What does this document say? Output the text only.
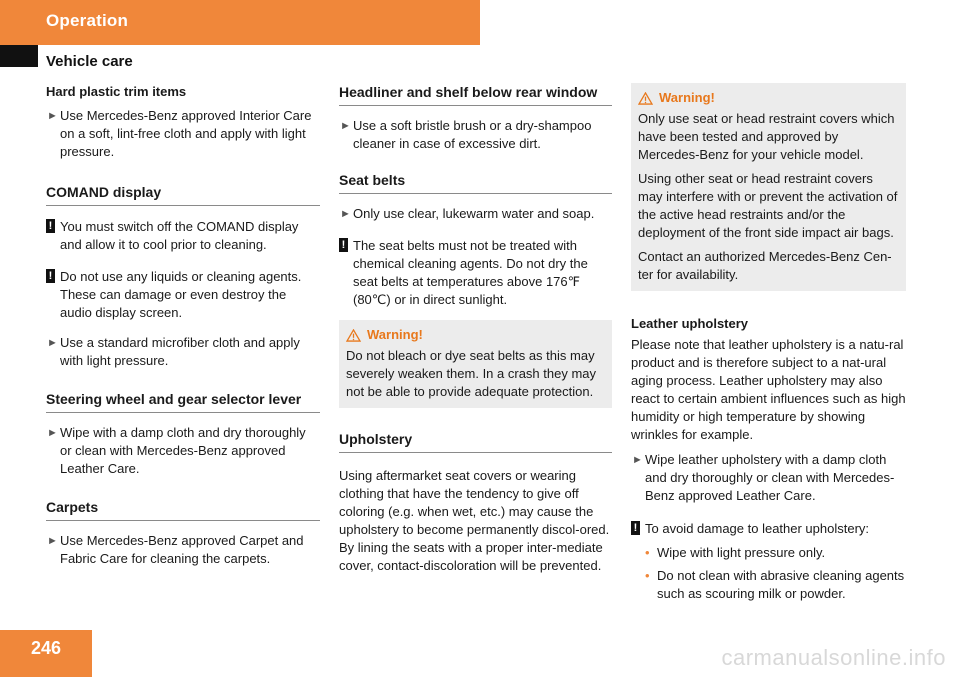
Operation
Vehicle care
Hard plastic trim items
► Use Mercedes-Benz approved Interior Care on a soft, lint-free cloth and apply with light pressure.
COMAND display
! You must switch off the COMAND display and allow it to cool prior to cleaning.
! Do not use any liquids or cleaning agents. These can damage or even destroy the audio display screen.
► Use a standard microfiber cloth and apply with light pressure.
Steering wheel and gear selector lever
► Wipe with a damp cloth and dry thoroughly or clean with Mercedes-Benz approved Leather Care.
Carpets
► Use Mercedes-Benz approved Carpet and Fabric Care for cleaning the carpets.
Headliner and shelf below rear window
► Use a soft bristle brush or a dry-shampoo cleaner in case of excessive dirt.
Seat belts
► Only use clear, lukewarm water and soap.
! The seat belts must not be treated with chemical cleaning agents. Do not dry the seat belts at temperatures above 176℉ (80℃) or in direct sunlight.
Warning!

Do not bleach or dye seat belts as this may severely weaken them. In a crash they may not be able to provide adequate protection.

Upholstery

Using aftermarket seat covers or wearing clothing that have the tendency to give off coloring (e.g. when wet, etc.) may cause the upholstery to become permanently discol-ored. By lining the seats with a proper inter-mediate cover, contact-discoloration will be prevented.

Warning!

Only use seat or head restraint covers which have been tested and approved by Mercedes-Benz for your vehicle model.

Using other seat or head restraint covers may interfere with or prevent the activation of the active head restraints and/or the deployment of the front side impact air bags.

Contact an authorized Mercedes-Benz Cen-ter for availability.

Leather upholstery

Please note that leather upholstery is a natu-ral product and is therefore subject to a nat-ural aging process. Leather upholstery may also react to certain ambient influences such as high humidity or high temperature by showing wrinkles for example.

► Wipe leather upholstery with a damp cloth and dry thoroughly or clean with Mercedes-Benz approved Leather Care.
! To avoid damage to leather upholstery:
• Wipe with light pressure only.
• Do not clean with abrasive cleaning agents such as scouring milk or powder.
246	carmanualsonline.info
